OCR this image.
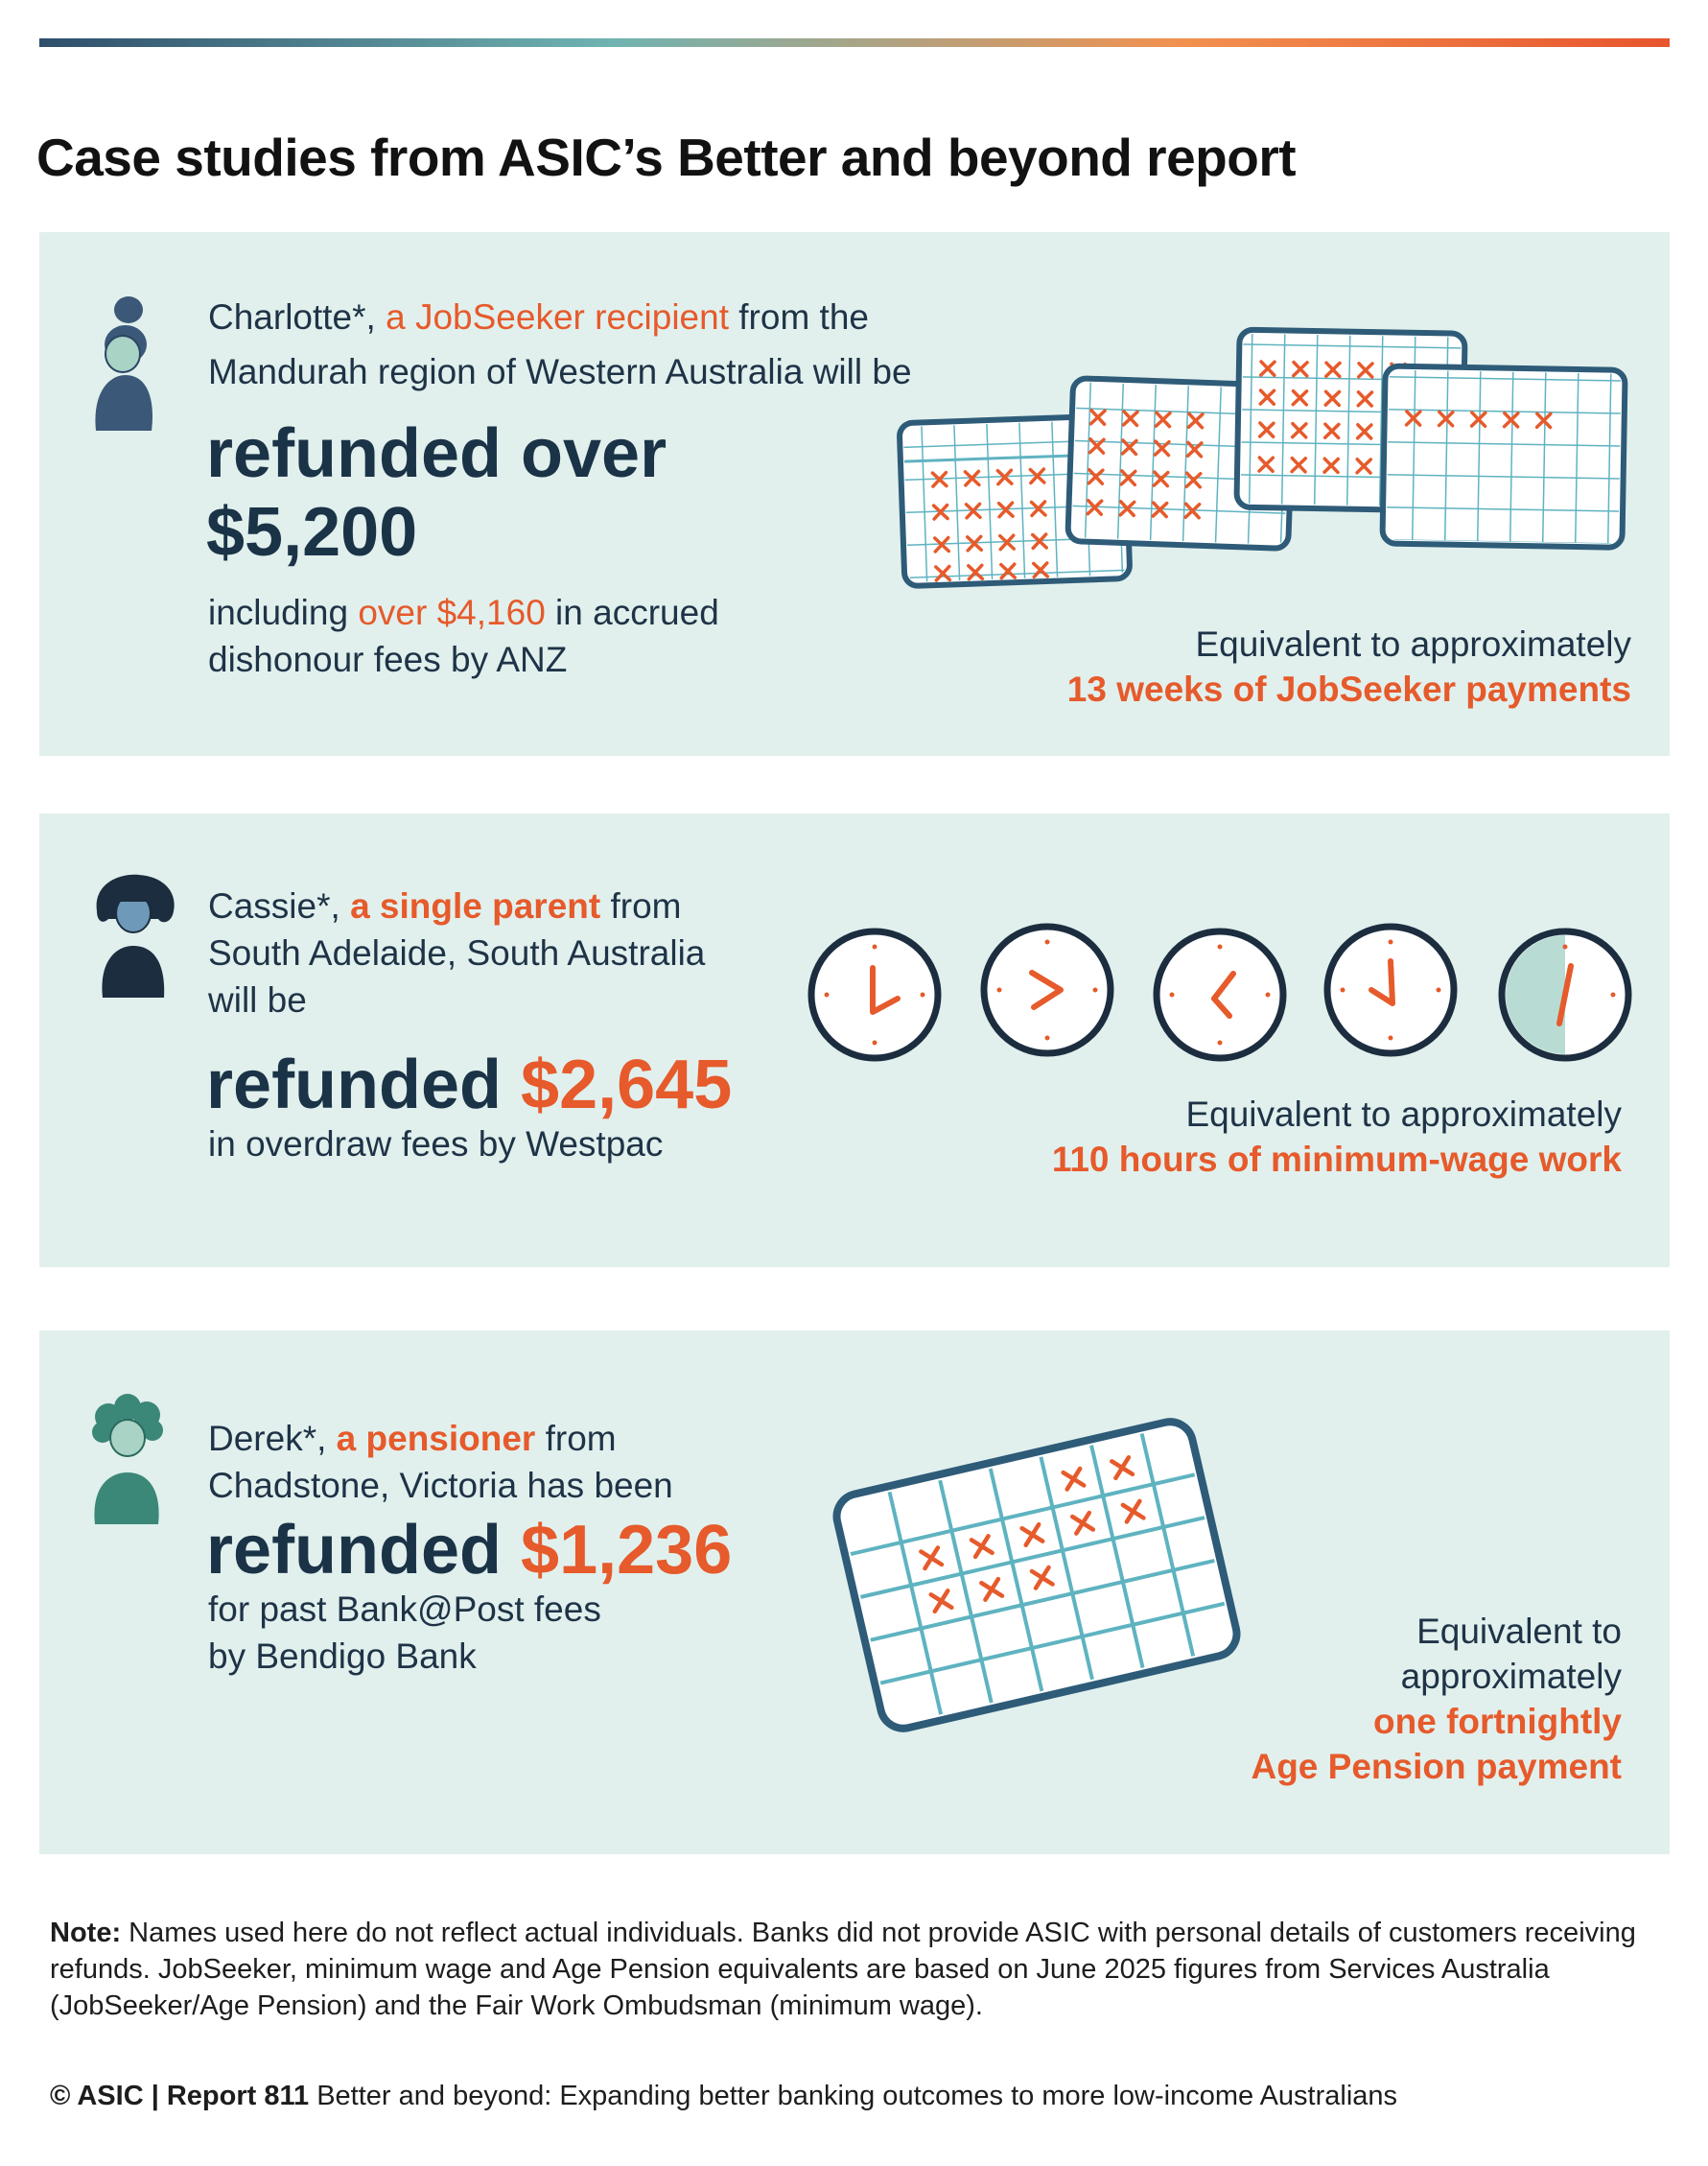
Case studies from ASIC’s Better and beyond report
Charlotte*, a JobSeeker recipient from the
Mandurah region of Western Australia will be
refunded over
$5,200
including over $4,160 in accrued
dishonour fees by ANZ	Equivalent to approximately
13 weeks of JobSeeker payments
Cassie*, a single parent from
South Adelaide, South Australia
will be
refunded $2,645
in overdraw fees by Westpac
Equivalent to approximately
110 hours of minimum-wage work
Derek*, a pensioner from
Chadstone, Victoria has been
refunded $1,236
for past Bank@Post fees
by Bendigo Bank
Equivalent to
approximately
one fortnightly
Age Pension payment
Note: Names used here do not reflect actual individuals. Banks did not provide ASIC with personal details of customers receiving refunds. JobSeeker, minimum wage and Age Pension equivalents are based on June 2025 figures from Services Australia (JobSeeker/Age Pension) and the Fair Work Ombudsman (minimum wage).
© ASIC | Report 811 Better and beyond: Expanding better banking outcomes to more low-income Australians
